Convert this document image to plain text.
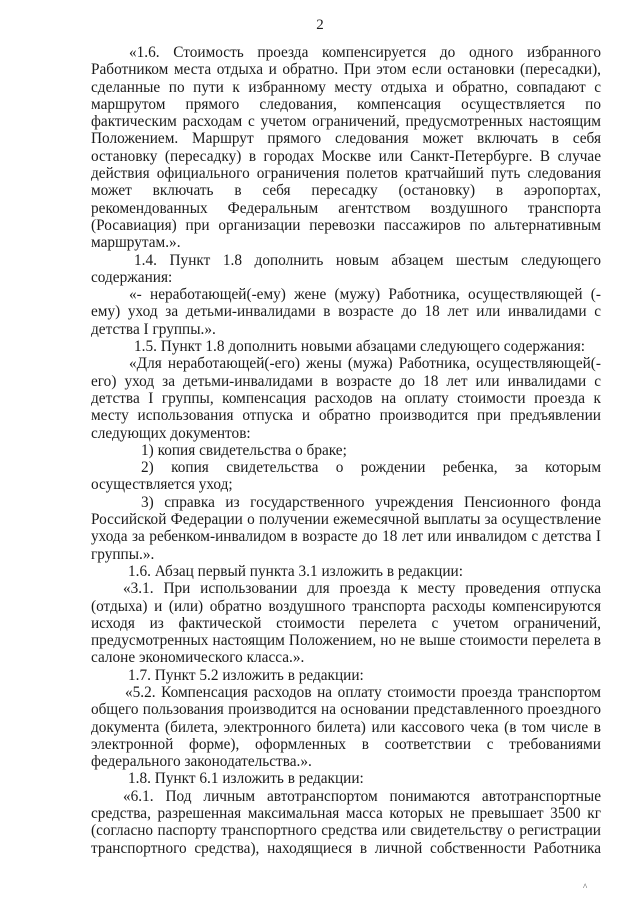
2
«1.6. Стоимость проезда компенсируется до одного избранного
Работником места отдыха и обратно. При этом если остановки (пересадки),
сделанные по пути к избранному месту отдыха и обратно, совпадают с
маршрутом прямого следования, компенсация осуществляется по
фактическим расходам с учетом ограничений, предусмотренных настоящим
Положением. Маршрут прямого следования может включать в себя
остановку (пересадку) в городах Москве или Санкт-Петербурге. В случае
действия официального ограничения полетов кратчайший путь следования
может включать в себя пересадку (остановку) в аэропортах,
рекомендованных Федеральным агентством воздушного транспорта
(Росавиация) при организации перевозки пассажиров по альтернативным
маршрутам.».
1.4. Пункт 1.8 дополнить новым абзацем шестым следующего
содержания:
«- неработающей(-ему) жене (мужу) Работника, осуществляющей (-
ему) уход за детьми-инвалидами в возрасте до 18 лет или инвалидами с
детства I группы.».
1.5. Пункт 1.8 дополнить новыми абзацами следующего содержания:
«Для неработающей(-его) жены (мужа) Работника, осуществляющей(-
его) уход за детьми-инвалидами в возрасте до 18 лет или инвалидами с
детства I группы, компенсация расходов на оплату стоимости проезда к
месту использования отпуска и обратно производится при предъявлении
следующих документов:
1) копия свидетельства о браке;
2) копия свидетельства о рождении ребенка, за которым
осуществляется уход;
3) справка из государственного учреждения Пенсионного фонда
Российской Федерации о получении ежемесячной выплаты за осуществление
ухода за ребенком-инвалидом в возрасте до 18 лет или инвалидом с детства I
группы.».
1.6. Абзац первый пункта 3.1 изложить в редакции:
«3.1. При использовании для проезда к месту проведения отпуска
(отдыха) и (или) обратно воздушного транспорта расходы компенсируются
исходя из фактической стоимости перелета с учетом ограничений,
предусмотренных настоящим Положением, но не выше стоимости перелета в
салоне экономического класса.».
1.7. Пункт 5.2 изложить в редакции:
«5.2. Компенсация расходов на оплату стоимости проезда транспортом
общего пользования производится на основании представленного проездного
документа (билета, электронного билета) или кассового чека (в том числе в
электронной форме), оформленных в соответствии с требованиями
федерального законодательства.».
1.8. Пункт 6.1 изложить в редакции:
«6.1. Под личным автотранспортом понимаются автотранспортные
средства, разрешенная максимальная масса которых не превышает 3500 кг
(согласно паспорту транспортного средства или свидетельству о регистрации
транспортного средства), находящиеся в личной собственности Работника
^
